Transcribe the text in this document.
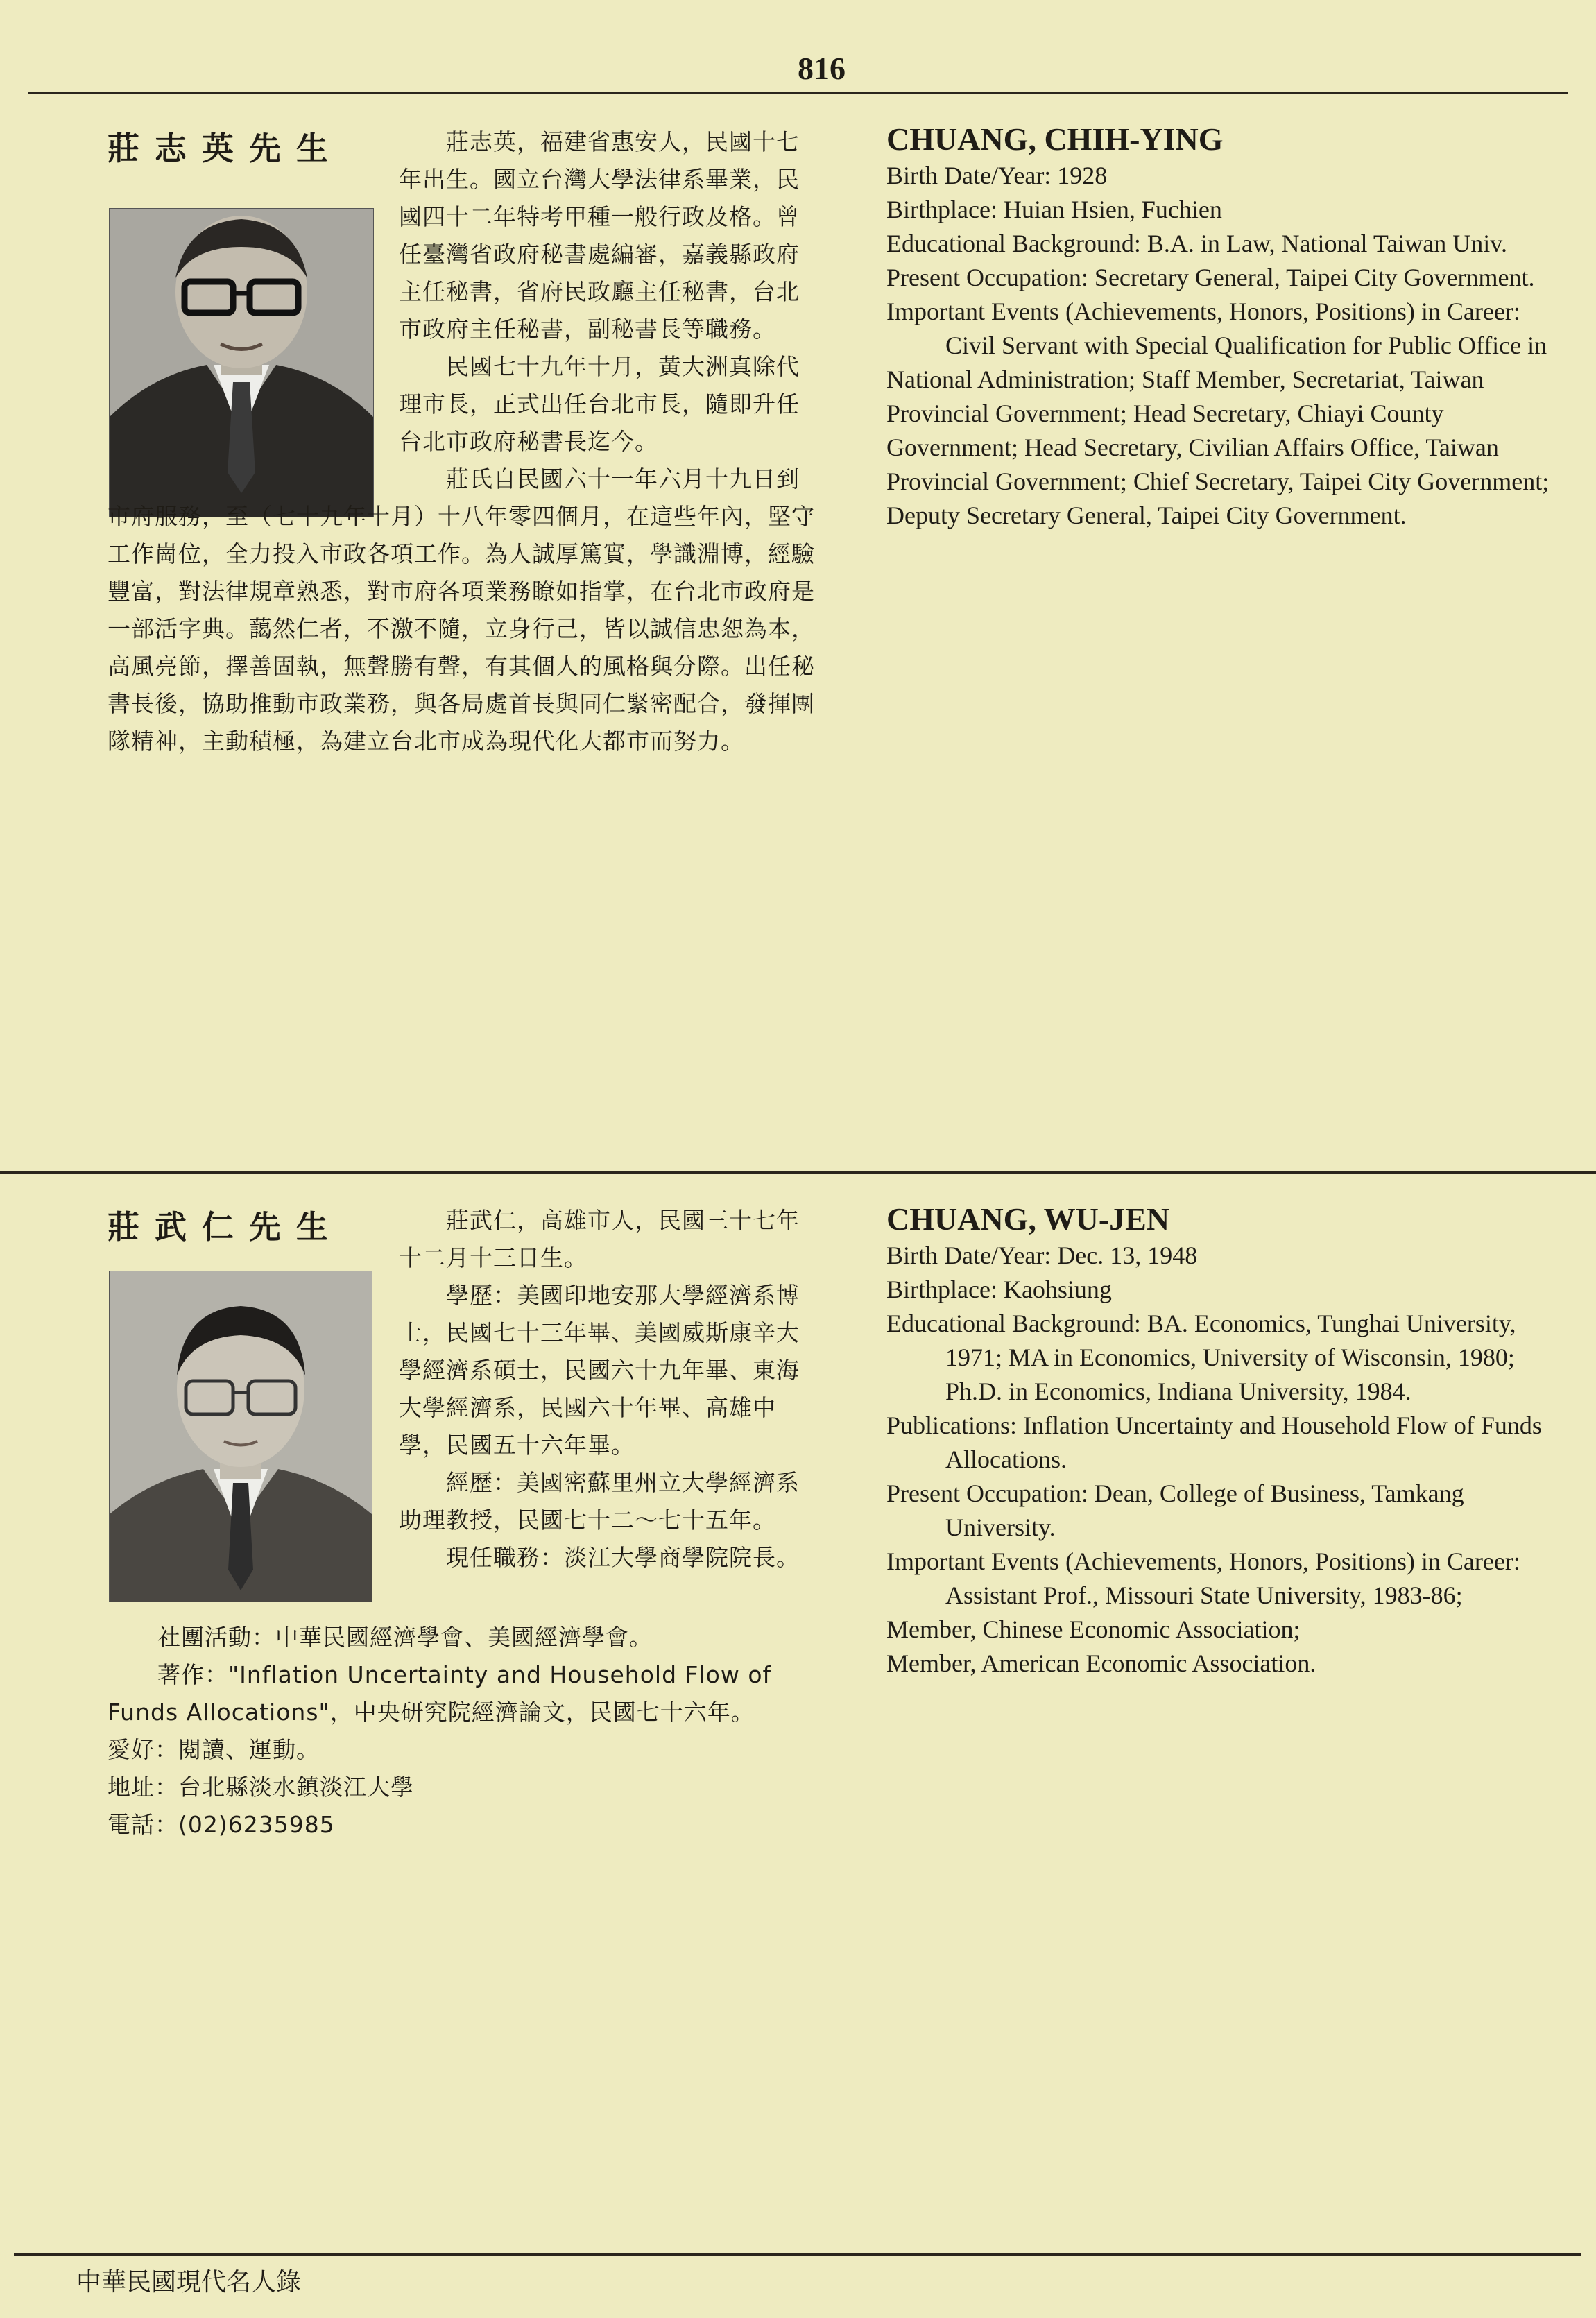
816
莊志英先生	莊志英，福建省惠安人，民國十七年出生。國立台灣大學法律系畢業，民國四十二年特考甲種一般行政及格。曾任臺灣省政府秘書處編審，嘉義縣政府主任秘書，省府民政廳主任秘書，台北市政府主任秘書，副秘書長等職務。

民國七十九年十月，黃大洲真除代理市長，正式出任台北市長，隨即升任台北市政府秘書長迄今。

莊氏自民國六十一年六月十九日到市府服務，至（七十九年十月）十八年零四個月，在這些年內，堅守工作崗位，全力投入市政各項工作。為人誠厚篤實，學識淵博，經驗豐富，對法律規章熟悉，對市府各項業務瞭如指掌，在台北市政府是一部活字典。藹然仁者，不激不隨，立身行己，皆以誠信忠恕為本，高風亮節，擇善固執，無聲勝有聲，有其個人的風格與分際。出任秘書長後，協助推動市政業務，與各局處首長與同仁緊密配合，發揮團隊精神，主動積極，為建立台北市成為現代化大都市而努力。

CHUANG, CHIH-YING

Birth Date/Year: 1928

Birthplace: Huian Hsien, Fuchien

Educational Background: B.A. in Law, National Taiwan Univ.

Present Occupation: Secretary General, Taipei City Government.

Important Events (Achievements, Honors, Positions) in Career:

Civil Servant with Special Qualification for Public Office in National Administration; Staff Member, Secretariat, Taiwan Provincial Government; Head Secretary, Chiayi County Government; Head Secretary, Civilian Affairs Office, Taiwan Provincial Government; Chief Secretary, Taipei City Government; Deputy Secretary General, Taipei City Government.

莊武仁先生	莊武仁，高雄市人，民國三十七年十二月十三日生。

學歷：美國印地安那大學經濟系博士，民國七十三年畢、美國威斯康辛大學經濟系碩士，民國六十九年畢、東海大學經濟系，民國六十年畢、高雄中學，民國五十六年畢。

經歷：美國密蘇里州立大學經濟系助理教授，民國七十二～七十五年。

現任職務：淡江大學商學院院長。

社團活動：中華民國經濟學會、美國經濟學會。

著作："Inflation Uncertainty and Household Flow of Funds Allocations"，中央研究院經濟論文，民國七十六年。

愛好：閱讀、運動。

地址：台北縣淡水鎮淡江大學

電話：(02)6235985

CHUANG, WU-JEN

Birth Date/Year: Dec. 13, 1948

Birthplace: Kaohsiung

Educational Background: BA. Economics, Tunghai University, 1971; MA in Economics, University of Wisconsin, 1980; Ph.D. in Economics, Indiana University, 1984.

Publications: Inflation Uncertainty and Household Flow of Funds Allocations.

Present Occupation: Dean, College of Business, Tamkang University.

Important Events (Achievements, Honors, Positions) in Career:

Assistant Prof., Missouri State University, 1983-86;

Member, Chinese Economic Association;

Member, American Economic Association.

中華民國現代名人錄
